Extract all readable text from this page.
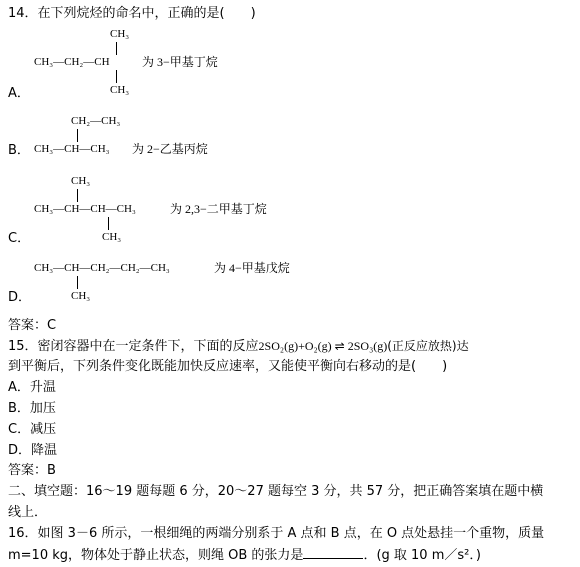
14．在下列烷烃的命名中，正确的是(　　)
CH₃
CH₃—CH₂—CH	为 3−甲基丁烷
CH₃
A．
CH₂—CH₃
CH₃—CH—CH₃ 为 2−乙基丙烷
B．
CH₃
CH₃—CH—CH—CH₃	为 2,3−二甲基丁烷
CH₃
C．
CH₃—CH—CH₂—CH₂—CH₃	为 4−甲基戊烷
CH₃
D．
答案：C
15．密闭容器中在一定条件下，下面的反应2SO₂(g)+O₂(g) ⇌ 2SO₃(g)(正反应放热)达
到平衡后，下列条件变化既能加快反应速率，又能使平衡向右移动的是(　　)
A．升温
B．加压
C．减压
D．降温
答案：B
二、填空题：16～19 题每题 6 分，20～27 题每空 3 分，共 57 分，把正确答案填在题中横
线上．
16．如图 3－6 所示，一根细绳的两端分别系于 A 点和 B 点，在 O 点处悬挂一个重物，质量
m=10 kg，物体处于静止状态，则绳 OB 的张力是	．(g 取 10 m／s²．)
